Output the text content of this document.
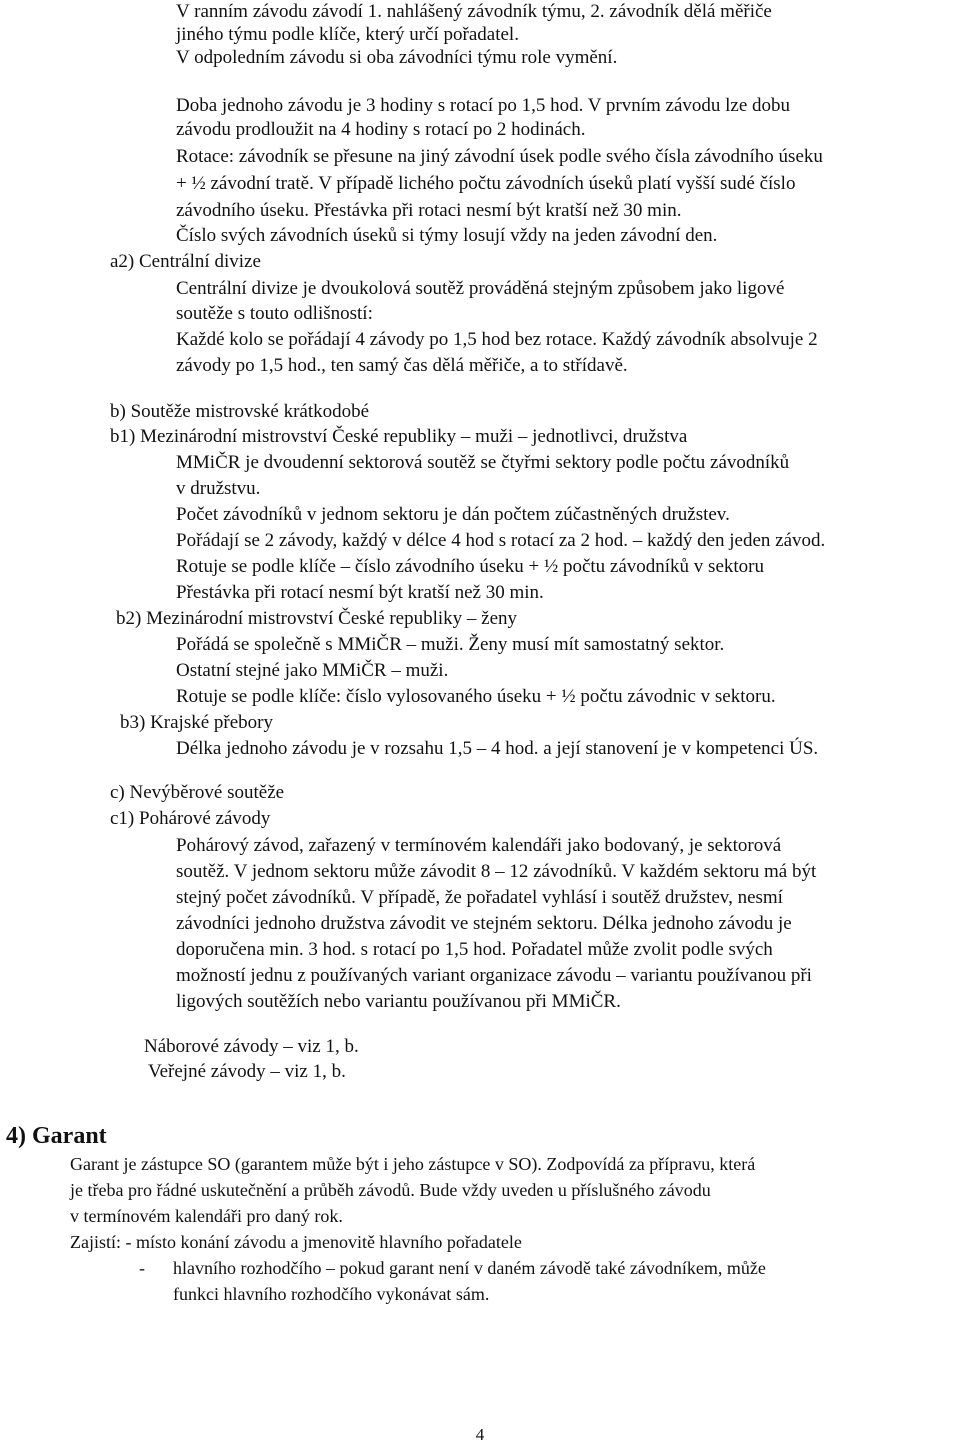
V ranním závodu závodí 1. nahlášený závodník týmu, 2. závodník dělá měřiče
jiného týmu podle klíče, který určí pořadatel.
V odpoledním závodu si oba závodníci týmu role vymění.
Doba jednoho závodu je 3 hodiny s rotací po 1,5 hod. V prvním závodu lze dobu
závodu prodloužit na 4 hodiny s rotací po 2 hodinách.
Rotace: závodník se přesune na jiný závodní úsek podle svého čísla závodního úseku
+ ½ závodní tratě. V případě lichého počtu závodních úseků platí vyšší sudé číslo
závodního úseku. Přestávka při rotaci nesmí být kratší než 30 min.
Číslo svých závodních úseků si týmy losují vždy na jeden závodní den.
a2) Centrální divize
Centrální divize je dvoukolová soutěž prováděná stejným způsobem jako ligové
soutěže s touto odlišností:
Každé kolo se pořádají 4 závody po 1,5 hod bez rotace. Každý závodník absolvuje 2
závody po 1,5 hod., ten samý čas dělá měřiče, a to střídavě.
b) Soutěže mistrovské krátkodobé
b1) Mezinárodní mistrovství České republiky – muži – jednotlivci, družstva
MMiČR je dvoudenní sektorová soutěž se čtyřmi sektory podle počtu závodníků
v družstvu.
Počet závodníků v jednom sektoru je dán počtem zúčastněných družstev.
Pořádají se 2 závody, každý v délce 4 hod s rotací za 2 hod. – každý den jeden závod.
Rotuje se podle klíče – číslo závodního úseku + ½ počtu závodníků v sektoru
Přestávka při rotací nesmí být kratší než 30 min.
b2) Mezinárodní mistrovství České republiky – ženy
Pořádá se společně s MMiČR – muži. Ženy musí mít samostatný sektor.
Ostatní stejné jako MMiČR – muži.
Rotuje se podle klíče: číslo vylosovaného úseku + ½ počtu závodnic v sektoru.
b3) Krajské přebory
Délka jednoho závodu je v rozsahu 1,5 – 4 hod. a její stanovení je v kompetenci ÚS.
c) Nevýběrové soutěže
c1) Pohárové závody
Pohárový závod, zařazený v termínovém kalendáři jako bodovaný, je sektorová
soutěž. V jednom sektoru může závodit 8 – 12 závodníků. V každém sektoru má být
stejný počet závodníků. V případě, že pořadatel vyhlásí i soutěž družstev, nesmí
závodníci jednoho družstva závodit ve stejném sektoru. Délka jednoho závodu je
doporučena min. 3 hod. s rotací po 1,5 hod. Pořadatel může zvolit podle svých
možností jednu z používaných variant organizace závodu – variantu používanou při
ligových soutěžích nebo variantu používanou při MMiČR.
Náborové závody – viz 1, b.
Veřejné závody – viz 1, b.
4) Garant
Garant je zástupce SO (garantem může být i jeho zástupce v SO). Zodpovídá za přípravu, která
je třeba pro řádné uskutečnění a průběh závodů. Bude vždy uveden u příslušného závodu
v termínovém kalendáři pro daný rok.
Zajistí: - místo konání závodu a jmenovitě hlavního pořadatele
- hlavního rozhodčího – pokud garant není v daném závodě také závodníkem, může
funkci hlavního rozhodčího vykonávat sám.
4
